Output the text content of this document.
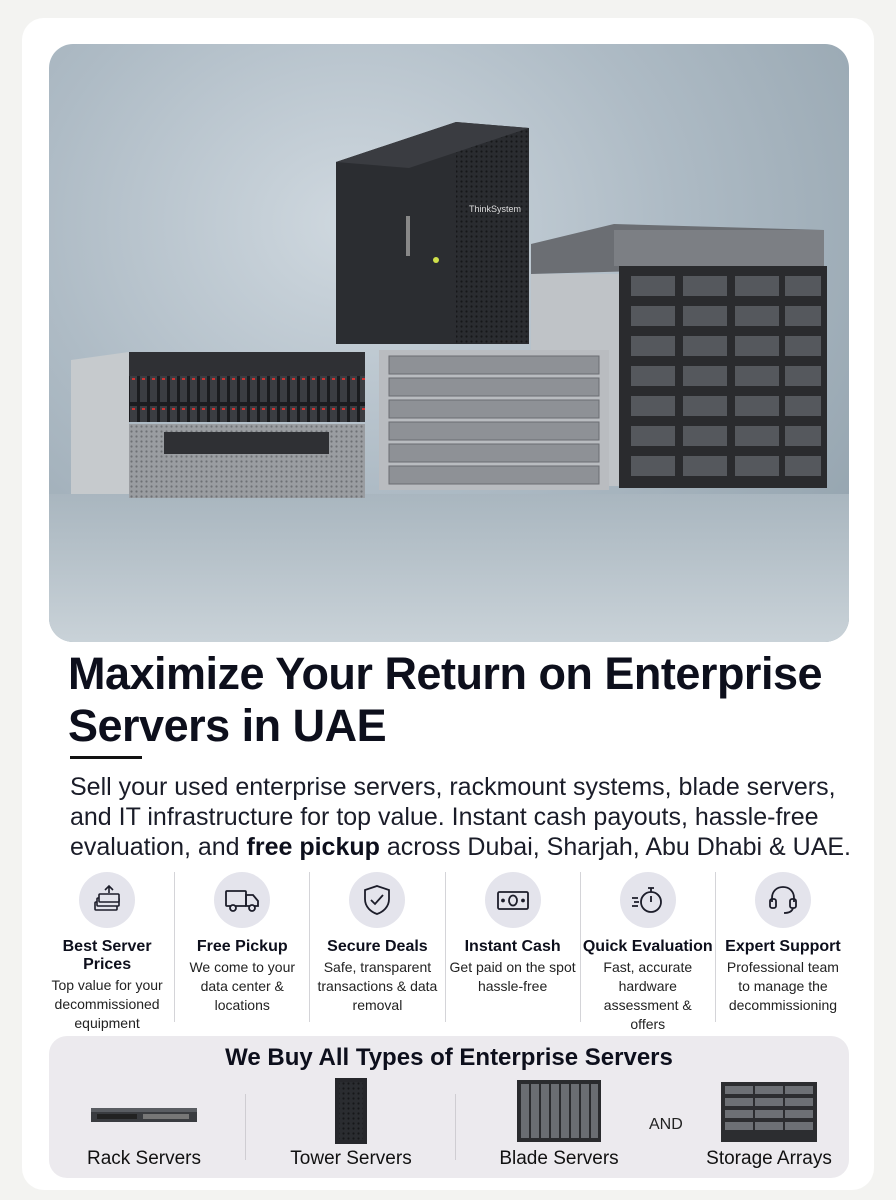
ThinkSystem
Maximize Your Return on Enterprise Servers in UAE

Sell your used enterprise servers, rackmount systems, blade servers, and IT infrastructure for top value. Instant cash payouts, hassle-free evaluation, and free pickup across Dubai, Sharjah, Abu Dhabi & UAE.

Best Server Prices
Top value for your decommissioned equipment
Free Pickup
We come to your data center & locations
Secure Deals
Safe, transparent transactions & data removal
Instant Cash
Get paid on the spot hassle-free
Quick Evaluation
Fast, accurate hardware assessment & offers
Expert Support
Professional team to manage the decommissioning
We Buy All Types of Enterprise Servers
Rack Servers	Tower Servers	Blade Servers
AND
Storage Arrays
